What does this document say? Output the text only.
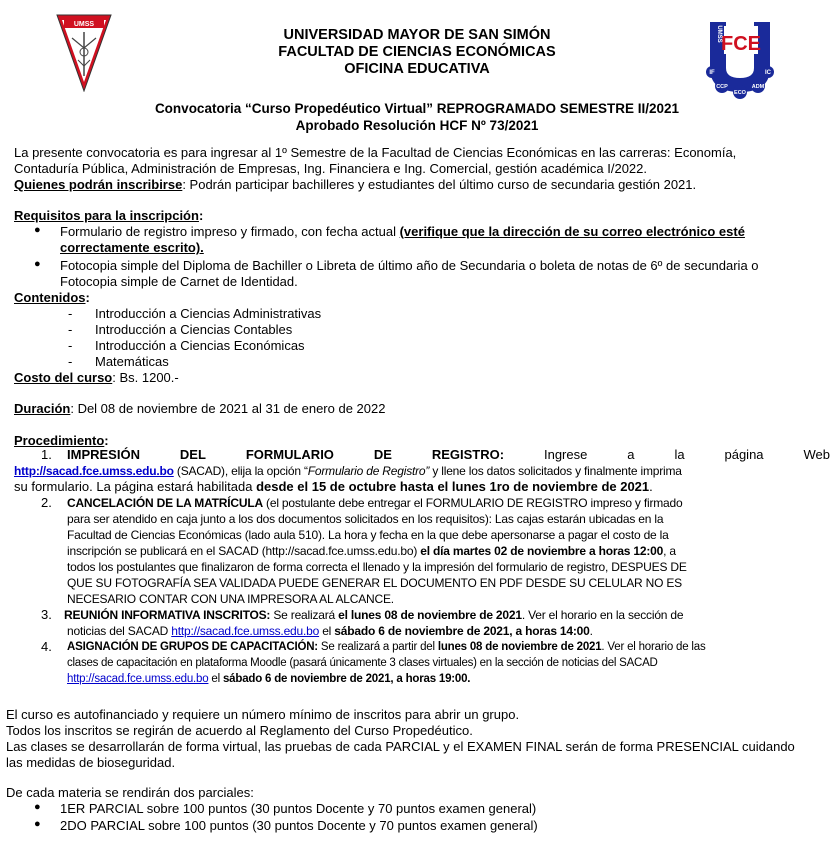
UMSS
FCE
UMSS
IF	IC
CCP	ADM
ECO
UNIVERSIDAD MAYOR DE SAN SIMÓN
FACULTAD DE CIENCIAS ECONÓMICAS
OFICINA EDUCATIVA
Convocatoria “Curso Propedéutico Virtual” REPROGRAMADO SEMESTRE II/2021
Aprobado Resolución HCF Nº 73/2021
La presente convocatoria es para ingresar al 1º Semestre de la Facultad de Ciencias Económicas en las carreras: Economía,
Contaduría Pública, Administración de Empresas, Ing. Financiera e Ing. Comercial, gestión académica I/2022.
Quienes podrán inscribirse: Podrán participar bachilleres y estudiantes del último curso de secundaria gestión 2021.
Requisitos para la inscripción:
● Formulario de registro impreso y firmado, con fecha actual (verifique que la dirección de su correo electrónico esté
correctamente escrito).
● Fotocopia simple del Diploma de Bachiller o Libreta de último año de Secundaria o boleta de notas de 6º de secundaria o
Fotocopia simple de Carnet de Identidad.
Contenidos:
- Introducción a Ciencias Administrativas
- Introducción a Ciencias Contables
- Introducción a Ciencias Económicas
- Matemáticas
Costo del curso: Bs. 1200.-
Duración: Del 08 de noviembre de 2021 al 31 de enero de 2022
Procedimiento:
1. IMPRESIÓN	DEL	FORMULARIO	DE	REGISTRO:	Ingrese	a	la	página	Web
http://sacad.fce.umss.edu.bo (SACAD), elija la opción “Formulario de Registro” y llene los datos solicitados y finalmente imprima
su formulario. La página estará habilitada desde el 15 de octubre hasta el lunes 1ro de noviembre de 2021.
2. CANCELACIÓN DE LA MATRÍCULA (el postulante debe entregar el FORMULARIO DE REGISTRO impreso y firmado
para ser atendido en caja junto a los dos documentos solicitados en los requisitos): Las cajas estarán ubicadas en la
Facultad de Ciencias Económicas (lado aula 510). La hora y fecha en la que debe apersonarse a pagar el costo de la
inscripción se publicará en el SACAD (http://sacad.fce.umss.edu.bo) el día martes 02 de noviembre a horas 12:00, a
todos los postulantes que finalizaron de forma correcta el llenado y la impresión del formulario de registro, DESPUES DE
QUE SU FOTOGRAFÍA SEA VALIDADA PUEDE GENERAR EL DOCUMENTO EN PDF DESDE SU CELULAR NO ES
NECESARIO CONTAR CON UNA IMPRESORA AL ALCANCE.
3. REUNIÓN INFORMATIVA INSCRITOS: Se realizará el lunes 08 de noviembre de 2021. Ver el horario en la sección de
noticias del SACAD http://sacad.fce.umss.edu.bo el sábado 6 de noviembre de 2021, a horas 14:00.
4. ASIGNACIÓN DE GRUPOS DE CAPACITACIÓN: Se realizará a partir del lunes 08 de noviembre de 2021. Ver el horario de las
clases de capacitación en plataforma Moodle (pasará únicamente 3 clases virtuales) en la sección de noticias del SACAD
http://sacad.fce.umss.edu.bo el sábado 6 de noviembre de 2021, a horas 19:00.
El curso es autofinanciado y requiere un número mínimo de inscritos para abrir un grupo.
Todos los inscritos se regirán de acuerdo al Reglamento del Curso Propedéutico.
Las clases se desarrollarán de forma virtual, las pruebas de cada PARCIAL y el EXAMEN FINAL serán de forma PRESENCIAL cuidando
las medidas de bioseguridad.
De cada materia se rendirán dos parciales:
● 1ER PARCIAL sobre 100 puntos (30 puntos Docente y 70 puntos examen general)
● 2DO PARCIAL sobre 100 puntos (30 puntos Docente y 70 puntos examen general)
